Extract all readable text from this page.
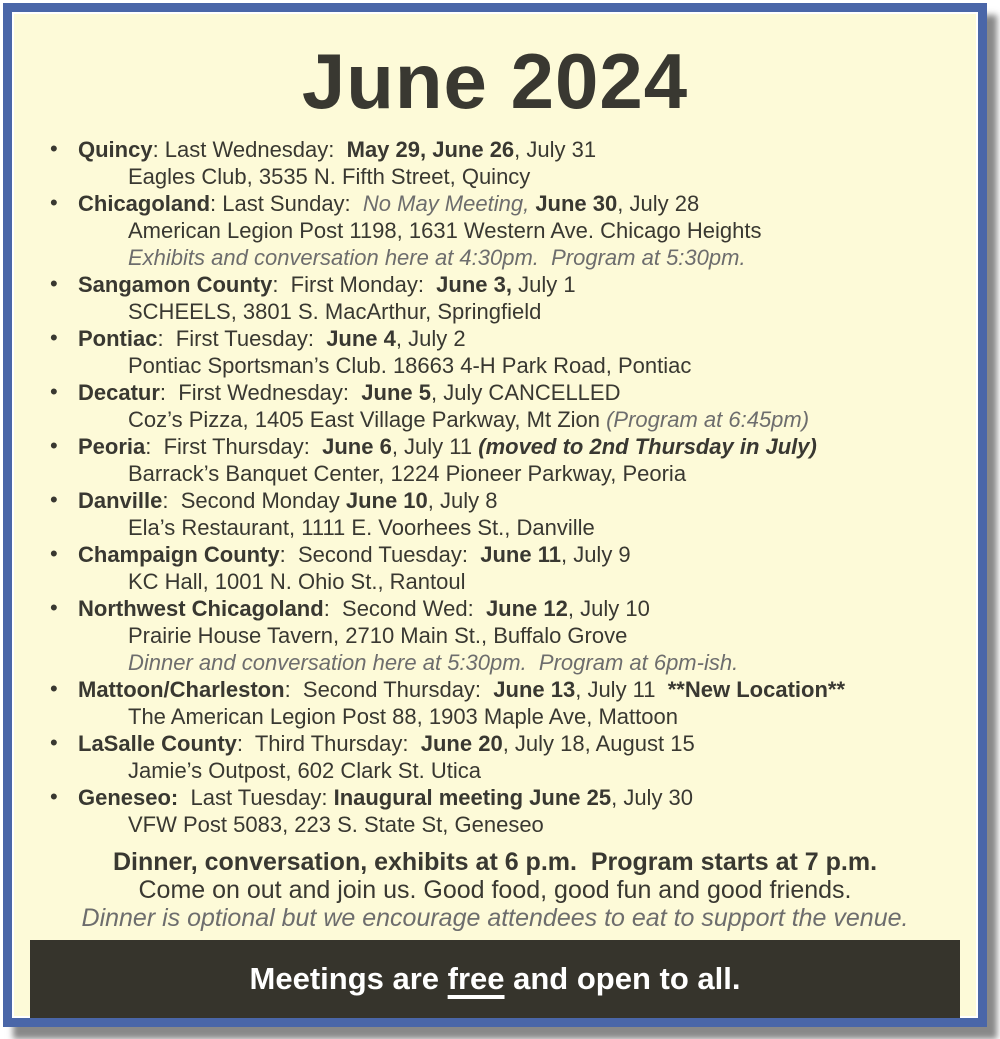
June 2024
• Quincy: Last Wednesday:  May 29, June 26, July 31
Eagles Club, 3535 N. Fifth Street, Quincy
• Chicagoland: Last Sunday:  No May Meeting, June 30, July 28
American Legion Post 1198, 1631 Western Ave. Chicago Heights
Exhibits and conversation here at 4:30pm.  Program at 5:30pm.
• Sangamon County:  First Monday:  June 3, July 1
SCHEELS, 3801 S. MacArthur, Springfield
• Pontiac:  First Tuesday:  June 4, July 2
Pontiac Sportsman’s Club. 18663 4-H Park Road, Pontiac
• Decatur:  First Wednesday:  June 5, July CANCELLED
Coz’s Pizza, 1405 East Village Parkway, Mt Zion (Program at 6:45pm)
• Peoria:  First Thursday:  June 6, July 11 (moved to 2nd Thursday in July)
Barrack’s Banquet Center, 1224 Pioneer Parkway, Peoria
• Danville:  Second Monday June 10, July 8
Ela’s Restaurant, 1111 E. Voorhees St., Danville
• Champaign County:  Second Tuesday:  June 11, July 9
KC Hall, 1001 N. Ohio St., Rantoul
• Northwest Chicagoland:  Second Wed:  June 12, July 10
Prairie House Tavern, 2710 Main St., Buffalo Grove
Dinner and conversation here at 5:30pm.  Program at 6pm-ish.
• Mattoon/Charleston:  Second Thursday:  June 13, July 11  **New Location**
The American Legion Post 88, 1903 Maple Ave, Mattoon
• LaSalle County:  Third Thursday:  June 20, July 18, August 15
Jamie’s Outpost, 602 Clark St. Utica
• Geneseo:  Last Tuesday: Inaugural meeting June 25, July 30
VFW Post 5083, 223 S. State St, Geneseo
Dinner, conversation, exhibits at 6 p.m.  Program starts at 7 p.m.
Come on out and join us. Good food, good fun and good friends.
Dinner is optional but we encourage attendees to eat to support the venue.
Meetings are free and open to all.
